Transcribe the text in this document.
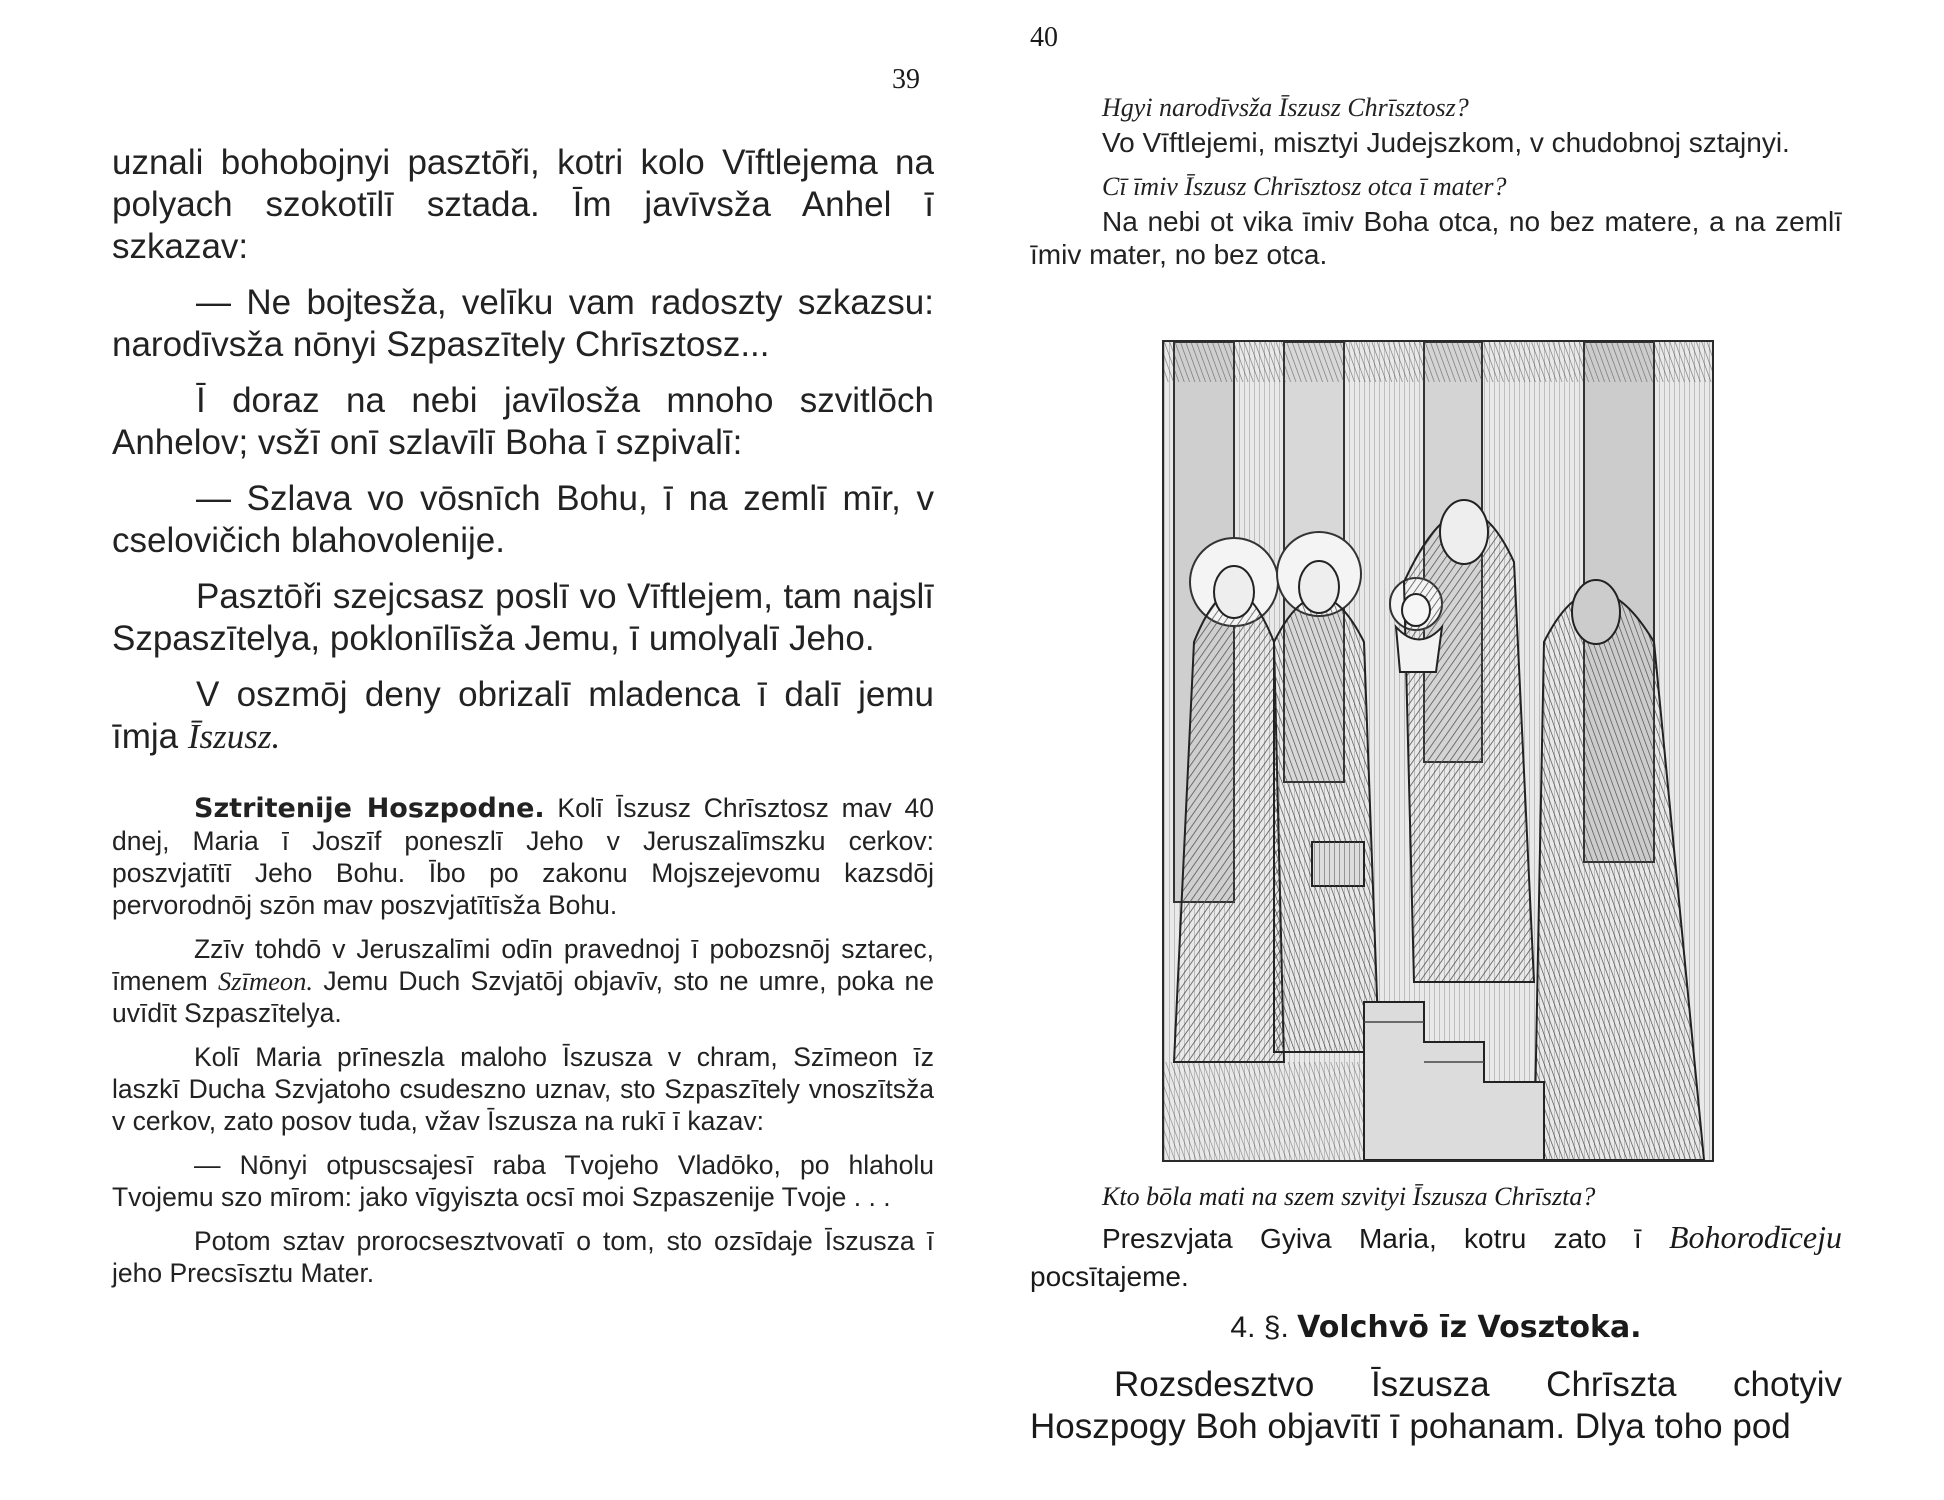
39

uznali bohobojnyi pasztōři, kotri kolo Vīftlejema na polyach szokotīlī sztada. Īm javīvsža Anhel ī szkazav:

— Ne bojtesža, velīku vam radoszty szkazsu: narodīvsža nōnyi Szpaszītely Chrīsztosz...

Ī doraz na nebi javīlosža mnoho szvitlōch Anhelov; vsžī onī szlavīlī Boha ī szpivalī:

— Szlava vo vōsnīch Bohu, ī na zemlī mīr, v cselovičich blahovolenije.

Pasztōři szejcsasz poslī vo Vīftlejem, tam najslī Szpaszītelya, poklonīlīsža Jemu, ī umolyalī Jeho.

V oszmōj deny obrizalī mladenca ī dalī jemu īmja Īszusz.

Sztritenije Hoszpodne. Kolī Īszusz Chrīsztosz mav 40 dnej, Maria ī Joszīf poneszlī Jeho v Jeruszalīmszku cerkov: poszvjatītī Jeho Bohu. Ībo po zakonu Mojszejevomu kazsdōj pervorodnōj szōn mav poszvjatītīsža Bohu.

Zzīv tohdō v Jeruszalīmi odīn pravednoj ī pobozsnōj sztarec, īmenem Szīmeon. Jemu Duch Szvjatōj objavīv, sto ne umre, poka ne uvīdīt Szpaszītelya.

Kolī Maria prīneszla maloho Īszusza v chram, Szīmeon īz laszkī Ducha Szvjatoho csudeszno uznav, sto Szpaszītely vnoszītsža v cerkov, zato posov tuda, vžav Īszusza na rukī ī kazav:

— Nōnyi otpuscsajesī raba Tvojeho Vladōko, po hlaholu Tvojemu szo mīrom: jako vīgyiszta ocsī moi Szpaszenije Tvoje . . .

Potom sztav prorocsesztvovatī o tom, sto ozsīdaje Īszusza ī jeho Precsīsztu Mater.

40
Hgyi narodīvsža Īszusz Chrīsztosz?
Vo Vīftlejemi, misztyi Judejszkom, v chudobnoj sztajnyi.
Cī īmiv Īszusz Chrīsztosz otca ī mater?
Na nebi ot vika īmiv Boha otca, no bez matere, a na zemlī īmiv mater, no bez otca.
Kto bōla mati na szem szvityi Īszusza Chrīszta?
Preszvjata Gyiva Maria, kotru zato ī Bohorodīceju pocsītajeme.
4. §. Volchvō īz Vosztoka.
Rozsdesztvo Īszusza Chrīszta chotyiv Hoszpogy Boh objavītī ī pohanam. Dlya toho pod
